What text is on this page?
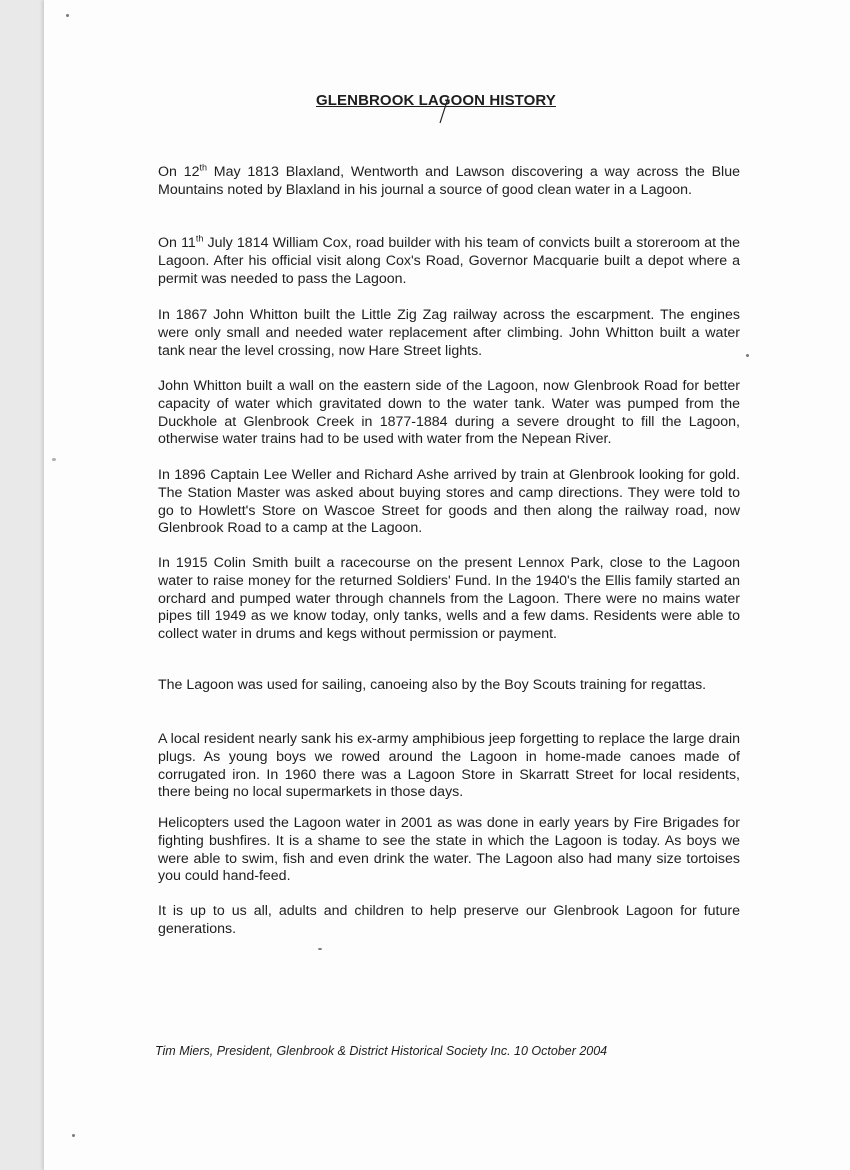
GLENBROOK LAGOON HISTORY
On 12th May 1813 Blaxland, Wentworth and Lawson discovering a way across the Blue Mountains noted by Blaxland in his journal a source of good clean water in a Lagoon.
On 11th July 1814 William Cox, road builder with his team of convicts built a storeroom at the Lagoon. After his official visit along Cox's Road, Governor Macquarie built a depot where a permit was needed to pass the Lagoon.
In 1867 John Whitton built the Little Zig Zag railway across the escarpment. The engines were only small and needed water replacement after climbing. John Whitton built a water tank near the level crossing, now Hare Street lights.
John Whitton built a wall on the eastern side of the Lagoon, now Glenbrook Road for better capacity of water which gravitated down to the water tank. Water was pumped from the Duckhole at Glenbrook Creek in 1877-1884 during a severe drought to fill the Lagoon, otherwise water trains had to be used with water from the Nepean River.
In 1896 Captain Lee Weller and Richard Ashe arrived by train at Glenbrook looking for gold. The Station Master was asked about buying stores and camp directions. They were told to go to Howlett's Store on Wascoe Street for goods and then along the railway road, now Glenbrook Road to a camp at the Lagoon.
In 1915 Colin Smith built a racecourse on the present Lennox Park, close to the Lagoon water to raise money for the returned Soldiers' Fund. In the 1940's the Ellis family started an orchard and pumped water through channels from the Lagoon. There were no mains water pipes till 1949 as we know today, only tanks, wells and a few dams. Residents were able to collect water in drums and kegs without permission or payment.
The Lagoon was used for sailing, canoeing also by the Boy Scouts training for regattas.
A local resident nearly sank his ex-army amphibious jeep forgetting to replace the large drain plugs. As young boys we rowed around the Lagoon in home-made canoes made of corrugated iron. In 1960 there was a Lagoon Store in Skarratt Street for local residents, there being no local supermarkets in those days.
Helicopters used the Lagoon water in 2001 as was done in early years by Fire Brigades for fighting bushfires. It is a shame to see the state in which the Lagoon is today. As boys we were able to swim, fish and even drink the water. The Lagoon also had many size tortoises you could hand-feed.
It is up to us all, adults and children to help preserve our Glenbrook Lagoon for future generations.
Tim Miers, President, Glenbrook & District Historical Society Inc. 10 October 2004
